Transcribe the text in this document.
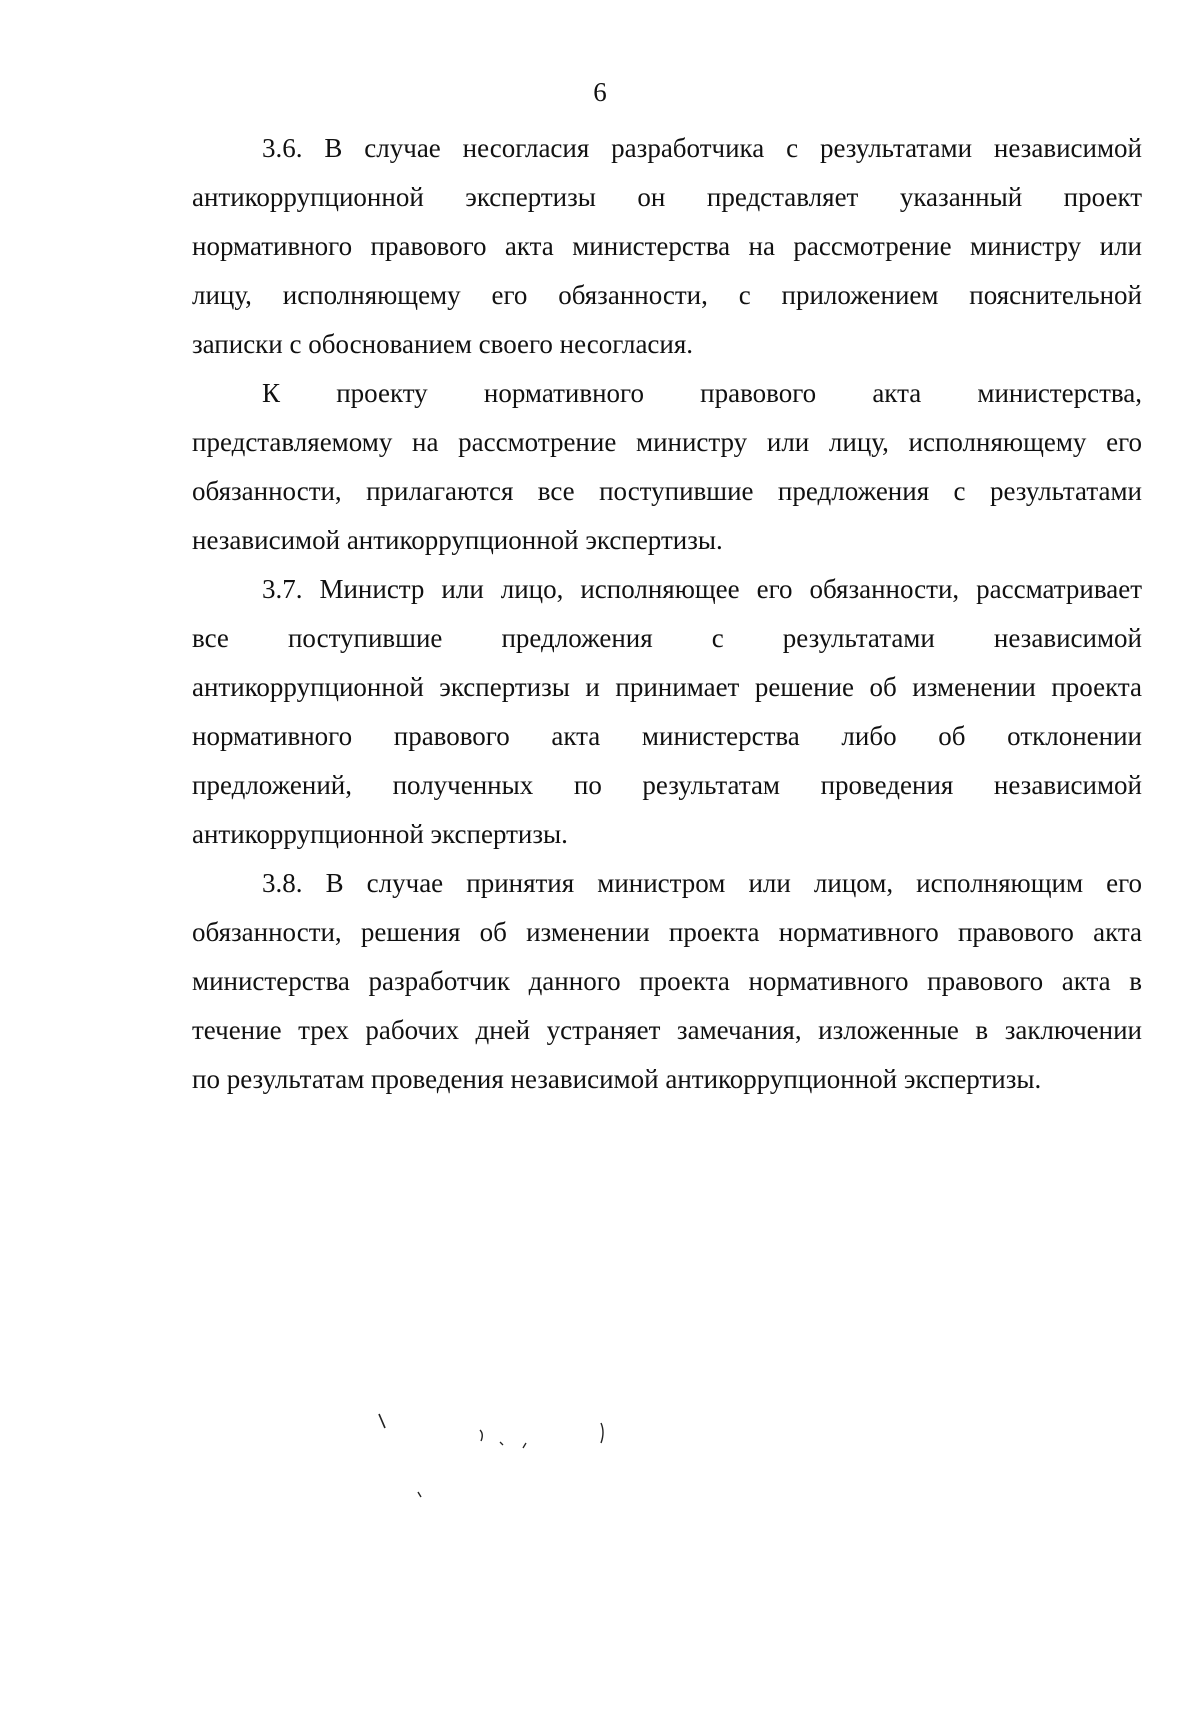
6
3.6. В случае несогласия разработчика с результатами независимой
антикоррупционной экспертизы он представляет указанный проект
нормативного правового акта министерства на рассмотрение министру или
лицу, исполняющему его обязанности, с приложением пояснительной
записки с обоснованием своего несогласия.
К проекту нормативного правового акта министерства,
представляемому на рассмотрение министру или лицу, исполняющему его
обязанности, прилагаются все поступившие предложения с результатами
независимой антикоррупционной экспертизы.
3.7. Министр или лицо, исполняющее его обязанности, рассматривает
все поступившие предложения с результатами независимой
антикоррупционной экспертизы и принимает решение об изменении проекта
нормативного правового акта министерства либо об отклонении
предложений, полученных по результатам проведения независимой
антикоррупционной экспертизы.
3.8. В случае принятия министром или лицом, исполняющим его
обязанности, решения об изменении проекта нормативного правового акта
министерства разработчик данного проекта нормативного правового акта в
течение трех рабочих дней устраняет замечания, изложенные в заключении
по результатам проведения независимой антикоррупционной экспертизы.
